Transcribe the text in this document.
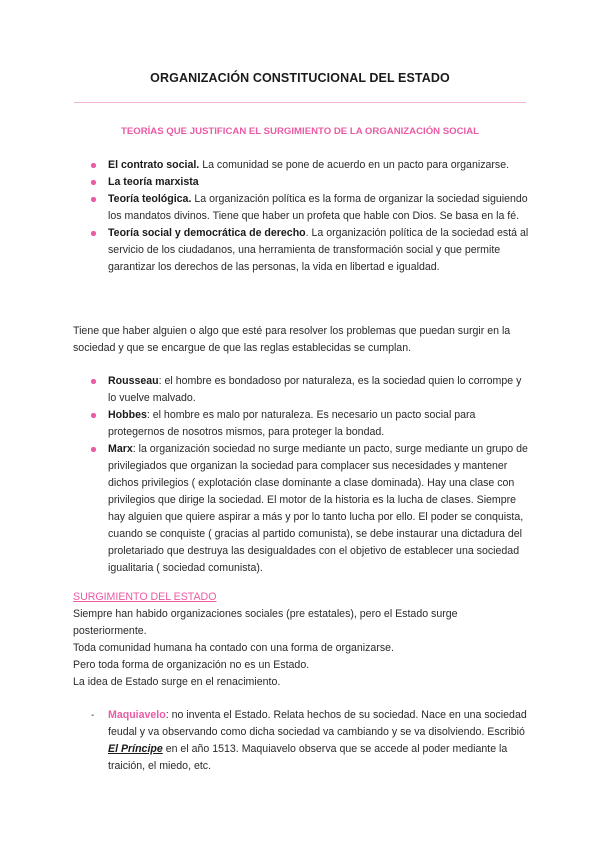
ORGANIZACIÓN CONSTITUCIONAL DEL ESTADO
TEORÍAS QUE JUSTIFICAN EL SURGIMIENTO DE LA ORGANIZACIÓN SOCIAL
El contrato social. La comunidad se pone de acuerdo en un pacto para organizarse.
La teoría marxista
Teoría teológica. La organización política es la forma de organizar la sociedad siguiendo los mandatos divinos. Tiene que haber un profeta que hable con Dios. Se basa en la fé.
Teoría social y democrática de derecho. La organización política de la sociedad está al servicio de los ciudadanos, una herramienta de transformación social y que permite garantizar los derechos de las personas, la vida en libertad e igualdad.

Tiene que haber alguien o algo que esté para resolver los problemas que puedan surgir en la sociedad y que se encargue de que las reglas establecidas se cumplan.

Rousseau: el hombre es bondadoso por naturaleza, es la sociedad quien lo corrompe y lo vuelve malvado.
Hobbes: el hombre es malo por naturaleza. Es necesario un pacto social para protegernos de nosotros mismos, para proteger la bondad.
Marx: la organización sociedad no surge mediante un pacto, surge mediante un grupo de privilegiados que organizan la sociedad para complacer sus necesidades y mantener dichos privilegios ( explotación clase dominante a clase dominada). Hay una clase con privilegios que dirige la sociedad. El motor de la historia es la lucha de clases. Siempre hay alguien que quiere aspirar a más y por lo tanto lucha por ello. El poder se conquista, cuando se conquiste ( gracias al partido comunista), se debe instaurar una dictadura del proletariado que destruya las desigualdades con el objetivo de establecer una sociedad igualitaria ( sociedad comunista).
SURGIMIENTO DEL ESTADO
Siempre han habido organizaciones sociales (pre estatales), pero el Estado surge posteriormente.
Toda comunidad humana ha contado con una forma de organizarse.
Pero toda forma de organización no es un Estado.
La idea de Estado surge en el renacimiento.
- Maquiavelo: no inventa el Estado. Relata hechos de su sociedad. Nace en una sociedad feudal y va observando como dicha sociedad va cambiando y se va disolviendo. Escribió El Príncipe en el año 1513. Maquiavelo observa que se accede al poder mediante la traición, el miedo, etc.
